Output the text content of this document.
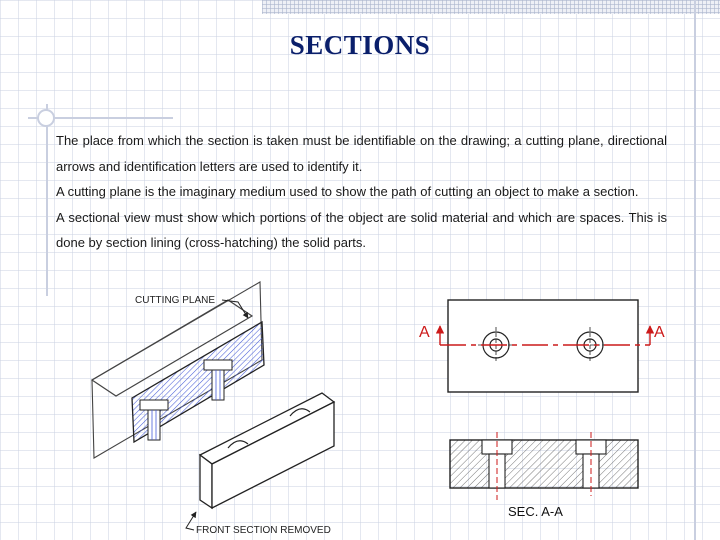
SECTIONS

The place from which the section is taken must be identifiable on the drawing; a cutting plane, directional arrows and identification letters are used to identify it.

A cutting plane is the imaginary medium used to show the path of cutting an object to make a section.

A sectional view must show which portions of the object are solid material and which are spaces. This is done by section lining (cross-hatching) the solid parts.

CUTTING PLANE
FRONT SECTION REMOVED
A	A
SEC. A-A
